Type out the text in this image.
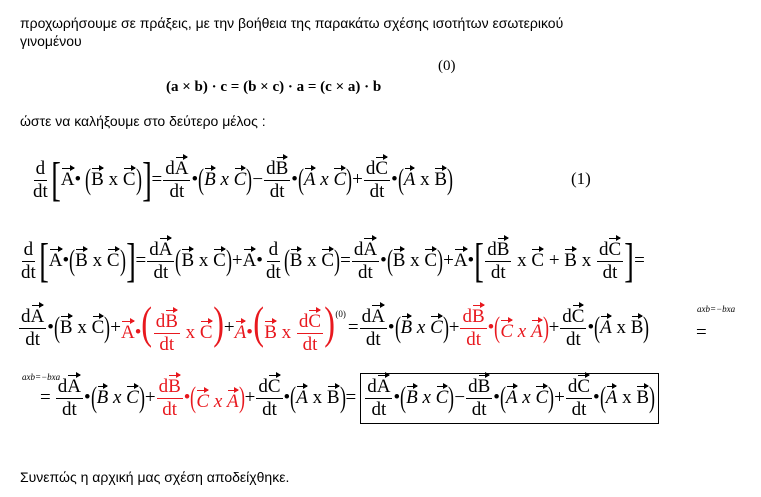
προχωρήσουμε σε πράξεις, με την βοήθεια της παρακάτω σχέσης ισοτήτων εσωτερικού
γινομένου
(0)
(a × b) · c = (b × c) · a = (c × a) · b
ώστε να καλήξουμε στο δεύτερο μέλος :
$\frac{d}{dt}$ [ A • ( B
x
C ) ] = $\frac{dA}{dt}$ • ( B
x
C ) − $\frac{dB}{dt}$ • ( A
x
C ) + $\frac{dC}{dt}$ • ( A
x
B )	(1)
$\frac{d}{dt}$ [ A • ( B x C ) ] = $\frac{dA}{dt}$ ( B x C ) + A • $\frac{d}{dt}$ ( B x C ) = $\frac{dA}{dt}$ • ( B x C ) + A • [ $\frac{dB}{dt}$ x C + B x $\frac{dC}{dt}$ ] =
$\frac{dA}{dt}$ • ( B x C ) + A•( $\frac{dB}{dt}$ x C) + A•(B x $\frac{dC}{dt}$ ) (0)
= $\frac{dA}{dt}$ • ( B
x
C ) + $\frac{dB}{dt}$ • (C x $A) + \frac{dC}{dt}$ • ( A x B )
axb=−bxa
=
axb=−bxa
= $\frac{dA}{dt}$ • ( B
x
C ) + $\frac{dB}{dt}$ • (C x $A) + \frac{dC}{dt}$ • ( A x B ) = $\frac{dA}{dt}$ • ( B
x
C ) − $\frac{dB}{dt}$ • ( A
x
C ) + $\frac{dC}{dt}$ • ( A x B )
Συνεπώς η αρχική μας σχέση αποδείχθηκε.
